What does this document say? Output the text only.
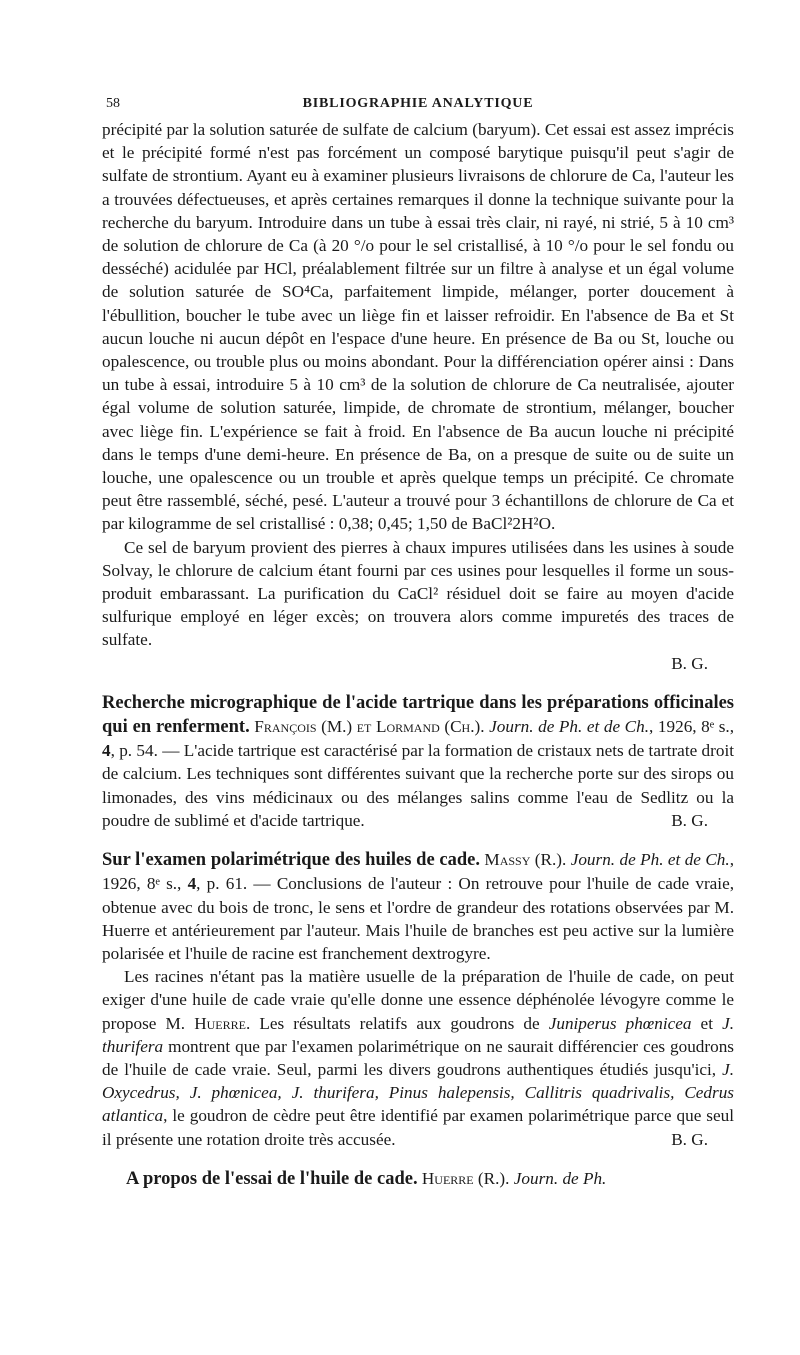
58	BIBLIOGRAPHIE ANALYTIQUE

précipité par la solution saturée de sulfate de calcium (baryum). Cet essai est assez imprécis et le précipité formé n'est pas forcément un composé barytique puisqu'il peut s'agir de sulfate de strontium. Ayant eu à examiner plusieurs livraisons de chlorure de Ca, l'auteur les a trouvées défectueuses, et après certaines remarques il donne la technique suivante pour la recherche du baryum. Introduire dans un tube à essai très clair, ni rayé, ni strié, 5 à 10 cm³ de solution de chlorure de Ca (à 20 °/o pour le sel cristallisé, à 10 °/o pour le sel fondu ou desséché) acidulée par HCl, préalablement filtrée sur un filtre à analyse et un égal volume de solution saturée de SO⁴Ca, parfaitement limpide, mélanger, porter doucement à l'ébullition, boucher le tube avec un liège fin et laisser refroidir. En l'absence de Ba et St aucun louche ni aucun dépôt en l'espace d'une heure. En présence de Ba ou St, louche ou opalescence, ou trouble plus ou moins abondant. Pour la différenciation opérer ainsi : Dans un tube à essai, introduire 5 à 10 cm³ de la solution de chlorure de Ca neutralisée, ajouter égal volume de solution saturée, limpide, de chromate de strontium, mélanger, boucher avec liège fin. L'expérience se fait à froid. En l'absence de Ba aucun louche ni précipité dans le temps d'une demi-heure. En présence de Ba, on a presque de suite ou de suite un louche, une opalescence ou un trouble et après quelque temps un précipité. Ce chromate peut être rassemblé, séché, pesé. L'auteur a trouvé pour 3 échantillons de chlorure de Ca et par kilogramme de sel cristallisé : 0,38; 0,45; 1,50 de BaCl²2H²O.

Ce sel de baryum provient des pierres à chaux impures utilisées dans les usines à soude Solvay, le chlorure de calcium étant fourni par ces usines pour lesquelles il forme un sous-produit embarassant. La purification du CaCl² résiduel doit se faire au moyen d'acide sulfurique employé en léger excès; on trouvera alors comme impuretés des traces de sulfate.

B. G.

Recherche micrographique de l'acide tartrique dans les préparations officinales qui en renferment. François (M.) et Lormand (Ch.). Journ. de Ph. et de Ch., 1926, 8ᵉ s., 4, p. 54. — L'acide tartrique est caractérisé par la formation de cristaux nets de tartrate droit de calcium. Les techniques sont différentes suivant que la recherche porte sur des sirops ou limonades, des vins médicinaux ou des mélanges salins comme l'eau de Sedlitz ou la poudre de sublimé et d'acide tartrique.	B. G.

Sur l'examen polarimétrique des huiles de cade. Massy (R.). Journ. de Ph. et de Ch., 1926, 8ᵉ s., 4, p. 61. — Conclusions de l'auteur : On retrouve pour l'huile de cade vraie, obtenue avec du bois de tronc, le sens et l'ordre de grandeur des rotations observées par M. Huerre et antérieurement par l'auteur. Mais l'huile de branches est peu active sur la lumière polarisée et l'huile de racine est franchement dextrogyre.

Les racines n'étant pas la matière usuelle de la préparation de l'huile de cade, on peut exiger d'une huile de cade vraie qu'elle donne une essence déphénolée lévogyre comme le propose M. Huerre. Les résultats relatifs aux goudrons de Juniperus phœnicea et J. thurifera montrent que par l'examen polarimétrique on ne saurait différencier ces goudrons de l'huile de cade vraie. Seul, parmi les divers goudrons authentiques étudiés jusqu'ici, J. Oxycedrus, J. phœnicea, J. thurifera, Pinus halepensis, Callitris quadrivalis, Cedrus atlantica, le goudron de cèdre peut être identifié par examen polarimétrique parce que seul il présente une rotation droite très accusée.	B. G.

A propos de l'essai de l'huile de cade. Huerre (R.). Journ. de Ph.
